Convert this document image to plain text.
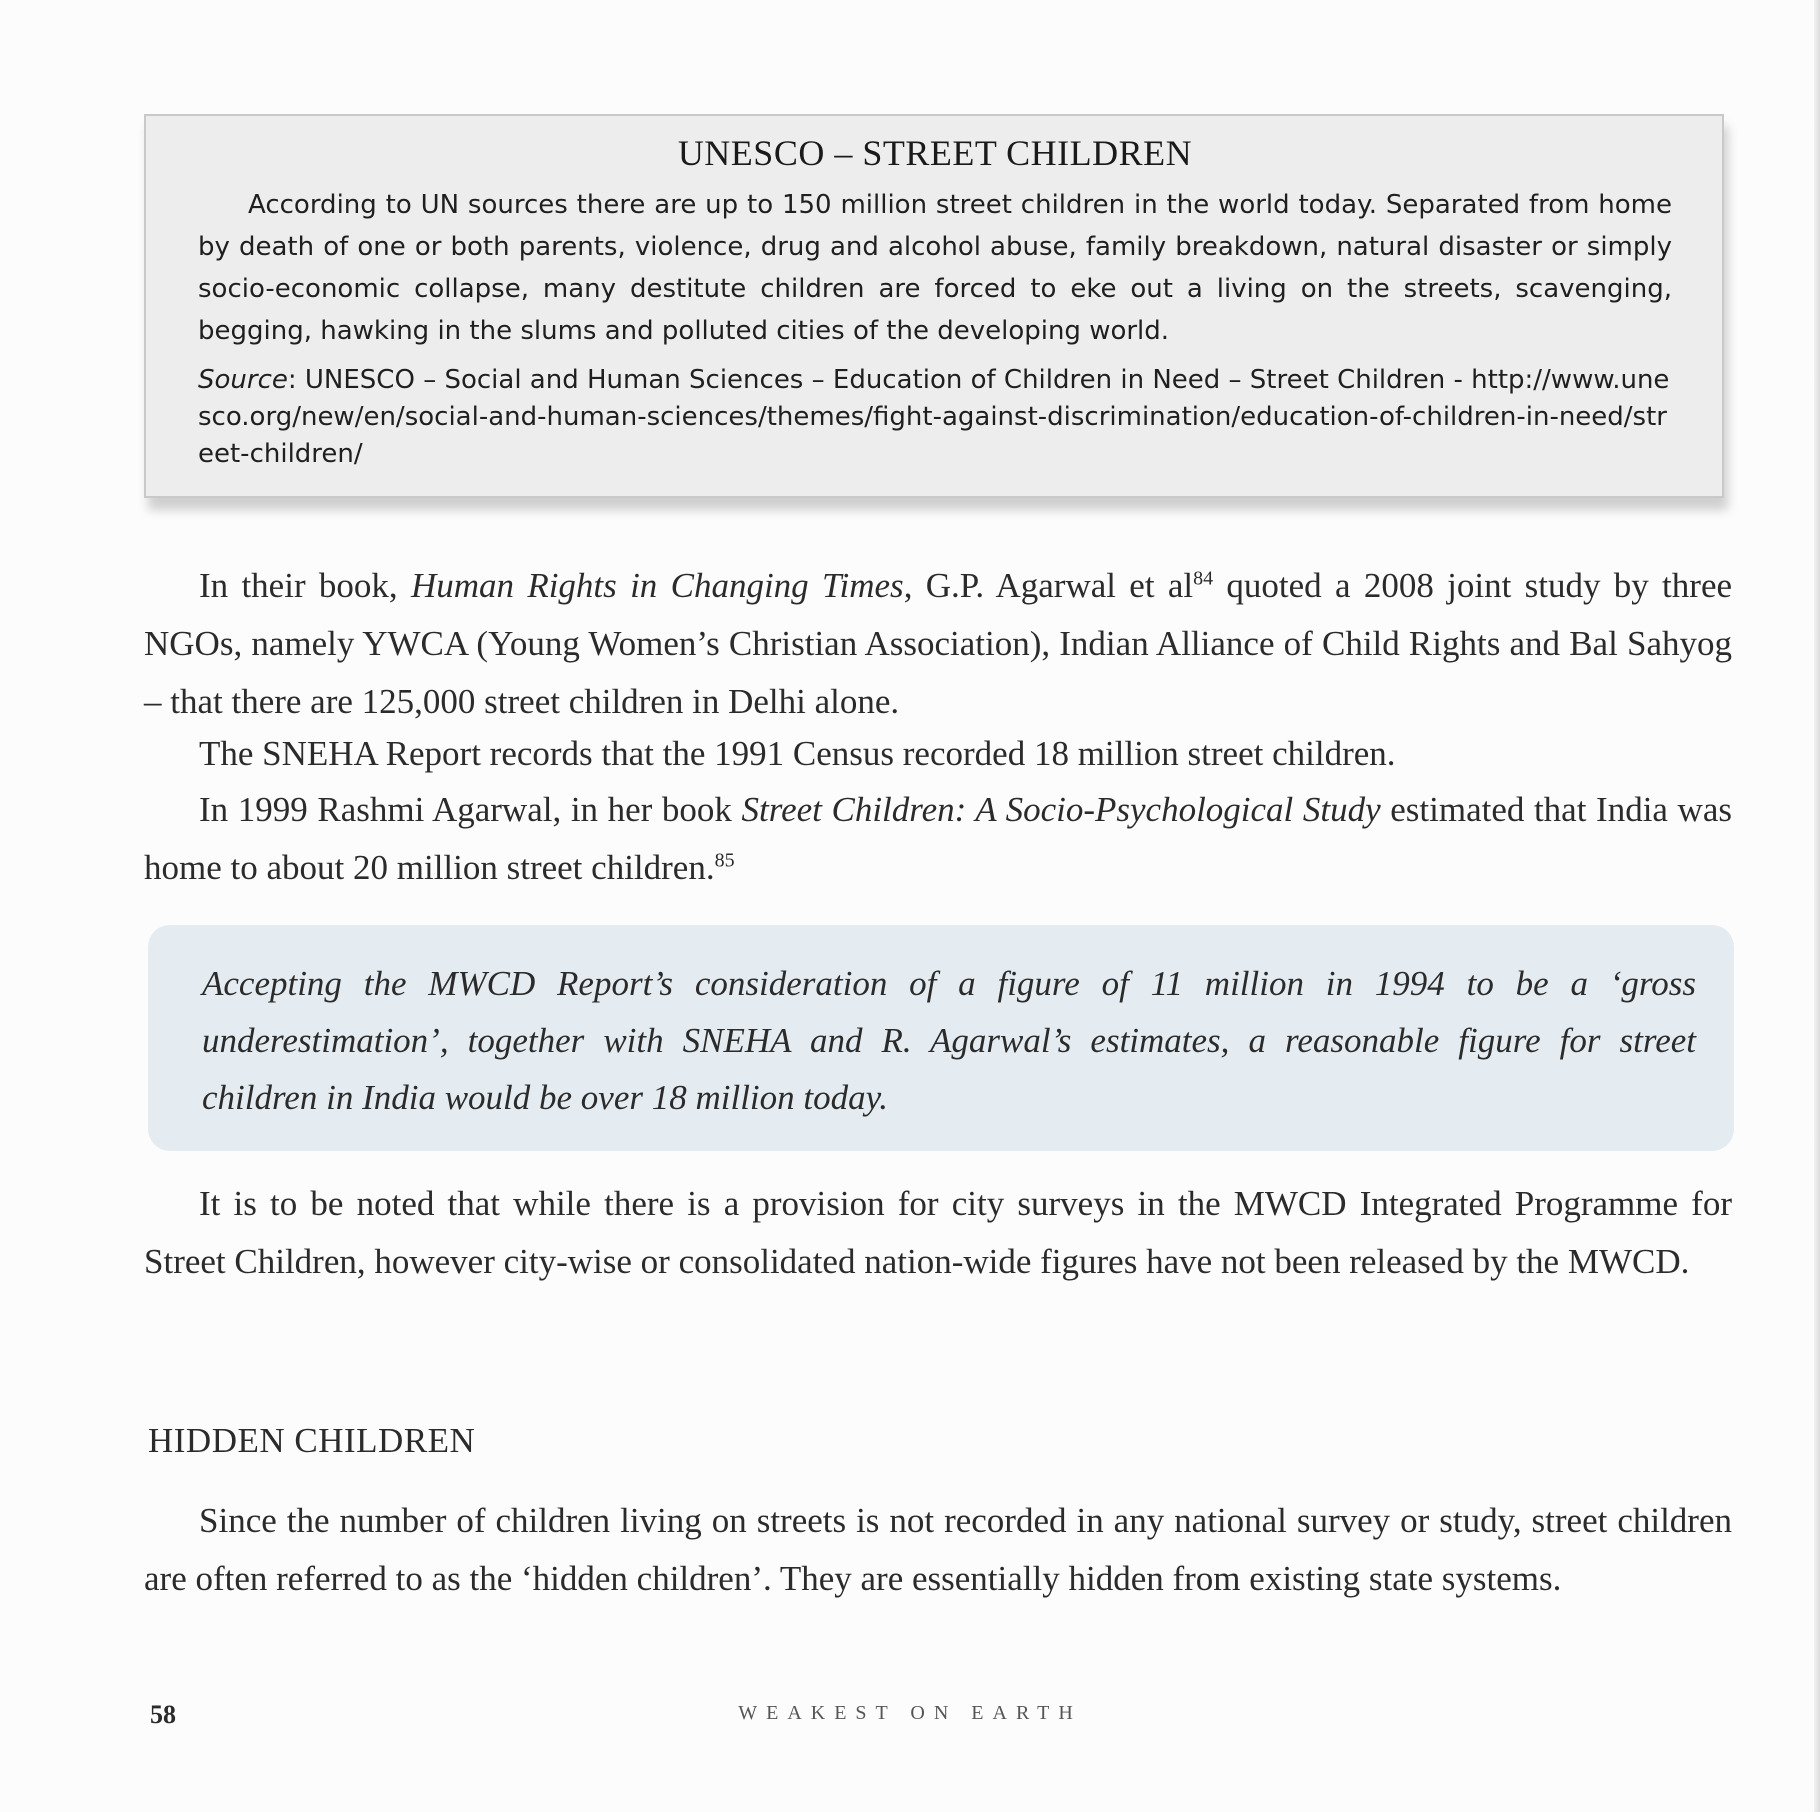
UNESCO – STREET CHILDREN

According to UN sources there are up to 150 million street children in the world today. Separated from home by death of one or both parents, violence, drug and alcohol abuse, family breakdown, natural disaster or simply socio-economic collapse, many destitute children are forced to eke out a living on the streets, scavenging, begging, hawking in the slums and polluted cities of the developing world.

Source: UNESCO – Social and Human Sciences – Education of Children in Need – Street Children - http://www.unesco.org/new/en/social-and-human-sciences/themes/fight-against-discrimination/education-of-children-in-need/street-children/

In their book, Human Rights in Changing Times, G.P. Agarwal et $al^{84}$ quoted a 2008 joint study by three NGOs, namely YWCA (Young Women’s Christian Association), Indian Alliance of Child Rights and Bal Sahyog – that there are 125,000 street children in Delhi alone.

The SNEHA Report records that the 1991 Census recorded 18 million street children.

In 1999 Rashmi Agarwal, in her book Street Children: A Socio-Psychological Study estimated that India was home to about 20 million street children.$^{85}$

Accepting the MWCD Report’s consideration of a figure of 11 million in 1994 to be a ‘gross underestimation’, together with SNEHA and R. Agarwal’s estimates, a reasonable figure for street children in India would be over 18 million today.

It is to be noted that while there is a provision for city surveys in the MWCD Integrated Programme for Street Children, however city-wise or consolidated nation-wide figures have not been released by the MWCD.

HIDDEN CHILDREN

Since the number of children living on streets is not recorded in any national survey or study, street children are often referred to as the ‘hidden children’. They are essentially hidden from existing state systems.

58	WEAKEST ON EARTH
